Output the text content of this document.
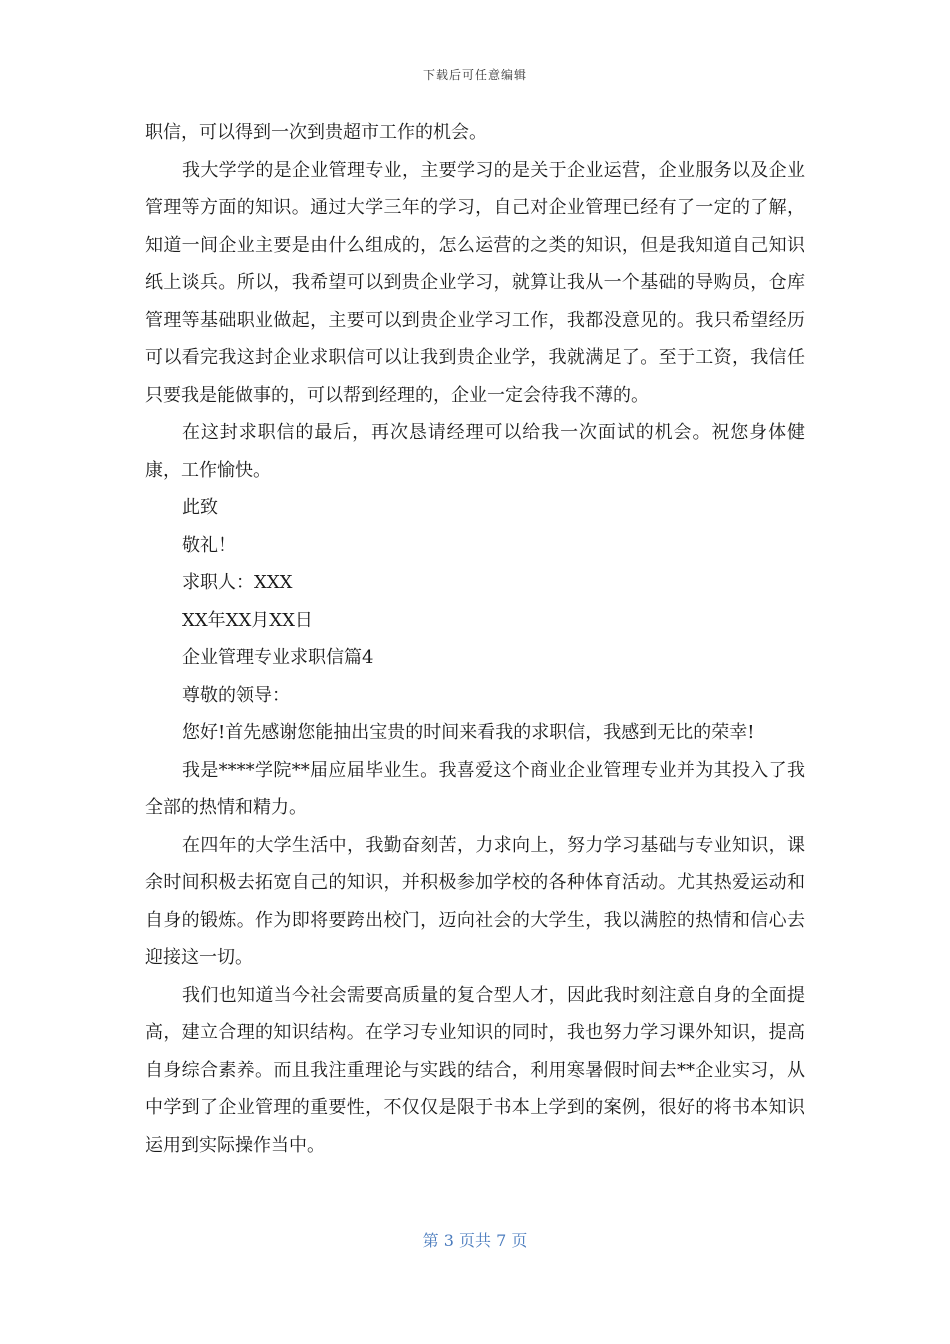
下载后可任意编辑

职信，可以得到一次到贵超市工作的机会。

我大学学的是企业管理专业，主要学习的是关于企业运营，企业服务以及企业管理等方面的知识。通过大学三年的学习，自己对企业管理已经有了一定的了解，知道一间企业主要是由什么组成的，怎么运营的之类的知识，但是我知道自己知识纸上谈兵。所以，我希望可以到贵企业学习，就算让我从一个基础的导购员，仓库管理等基础职业做起，主要可以到贵企业学习工作，我都没意见的。我只希望经历可以看完我这封企业求职信可以让我到贵企业学，我就满足了。至于工资，我信任只要我是能做事的，可以帮到经理的，企业一定会待我不薄的。

在这封求职信的最后，再次恳请经理可以给我一次面试的机会。祝您身体健康，工作愉快。

此致

敬礼！

求职人：XXX

XX年XX月XX日

企业管理专业求职信篇4

尊敬的领导：

您好!首先感谢您能抽出宝贵的时间来看我的求职信，我感到无比的荣幸!

我是****学院**届应届毕业生。我喜爱这个商业企业管理专业并为其投入了我全部的热情和精力。

在四年的大学生活中，我勤奋刻苦，力求向上，努力学习基础与专业知识，课余时间积极去拓宽自己的知识，并积极参加学校的各种体育活动。尤其热爱运动和自身的锻炼。作为即将要跨出校门，迈向社会的大学生，我以满腔的热情和信心去迎接这一切。

我们也知道当今社会需要高质量的复合型人才，因此我时刻注意自身的全面提高，建立合理的知识结构。在学习专业知识的同时，我也努力学习课外知识，提高自身综合素养。而且我注重理论与实践的结合，利用寒暑假时间去**企业实习，从中学到了企业管理的重要性，不仅仅是限于书本上学到的案例，很好的将书本知识运用到实际操作当中。

第 3 页共 7 页
